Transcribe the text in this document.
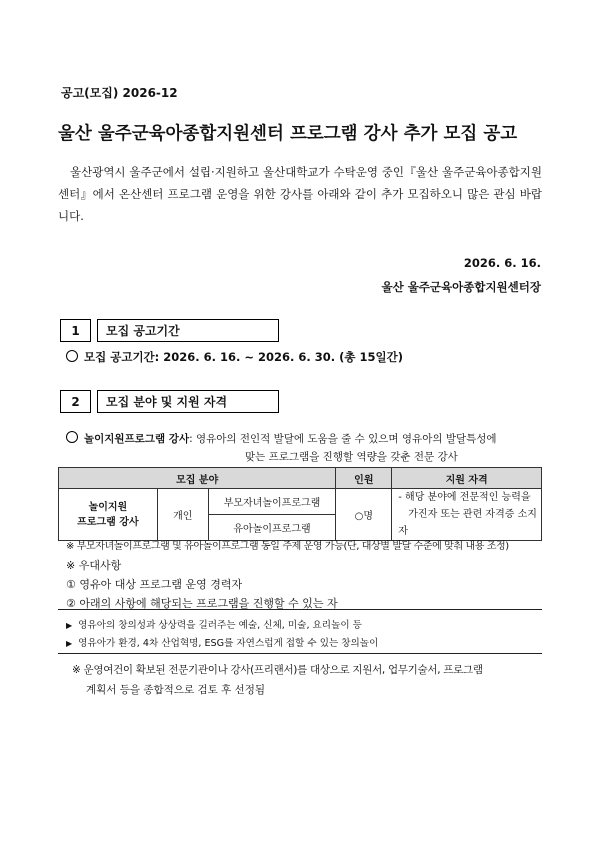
공고(모집) 2026-12
울산 울주군육아종합지원센터 프로그램 강사 추가 모집 공고
울산광역시 울주군에서 설립·지원하고 울산대학교가 수탁운영 중인『울산 울주군육아종합지원센터』에서 온산센터 프로그램 운영을 위한 강사를 아래와 같이 추가 모집하오니 많은 관심 바랍니다.
2026. 6. 16.
울산 울주군육아종합지원센터장
1	모집 공고기간
모집 공고기간: 2026. 6. 16. ~ 2026. 6. 30. (총 15일간)
2	모집 분야 및 지원 자격
놀이지원프로그램 강사: 영유아의 전인적 발달에 도움을 줄 수 있으며 영유아의 발달특성에
맞는 프로그램을 진행할 역량을 갖춘 전문 강사
모집 분야			인원	지원 자격
놀이지원
프로그램 강사	개인	부모자녀놀이프로그램	○명	- 해당 분야에 전문적인 능력을
가진자 또는 관련 자격증 소지자
		유아놀이프로그램		
※ 부모자녀놀이프로그램 및 유아놀이프로그램 동일 주제 운영 가능(단, 대상별 발달 수준에 맞춰 내용 조정)
※ 우대사항
① 영유아 대상 프로그램 운영 경력자
② 아래의 사항에 해당되는 프로그램을 진행할 수 있는 자
▶ 영유아의 창의성과 상상력을 길러주는 예술, 신체, 미술, 요리놀이 등
▶ 영유아가 환경, 4차 산업혁명, ESG를 자연스럽게 접할 수 있는 창의놀이
※ 운영여건이 확보된 전문기관이나 강사(프리랜서)를 대상으로 지원서, 업무기술서, 프로그램
계획서 등을 종합적으로 검토 후 선정됨
